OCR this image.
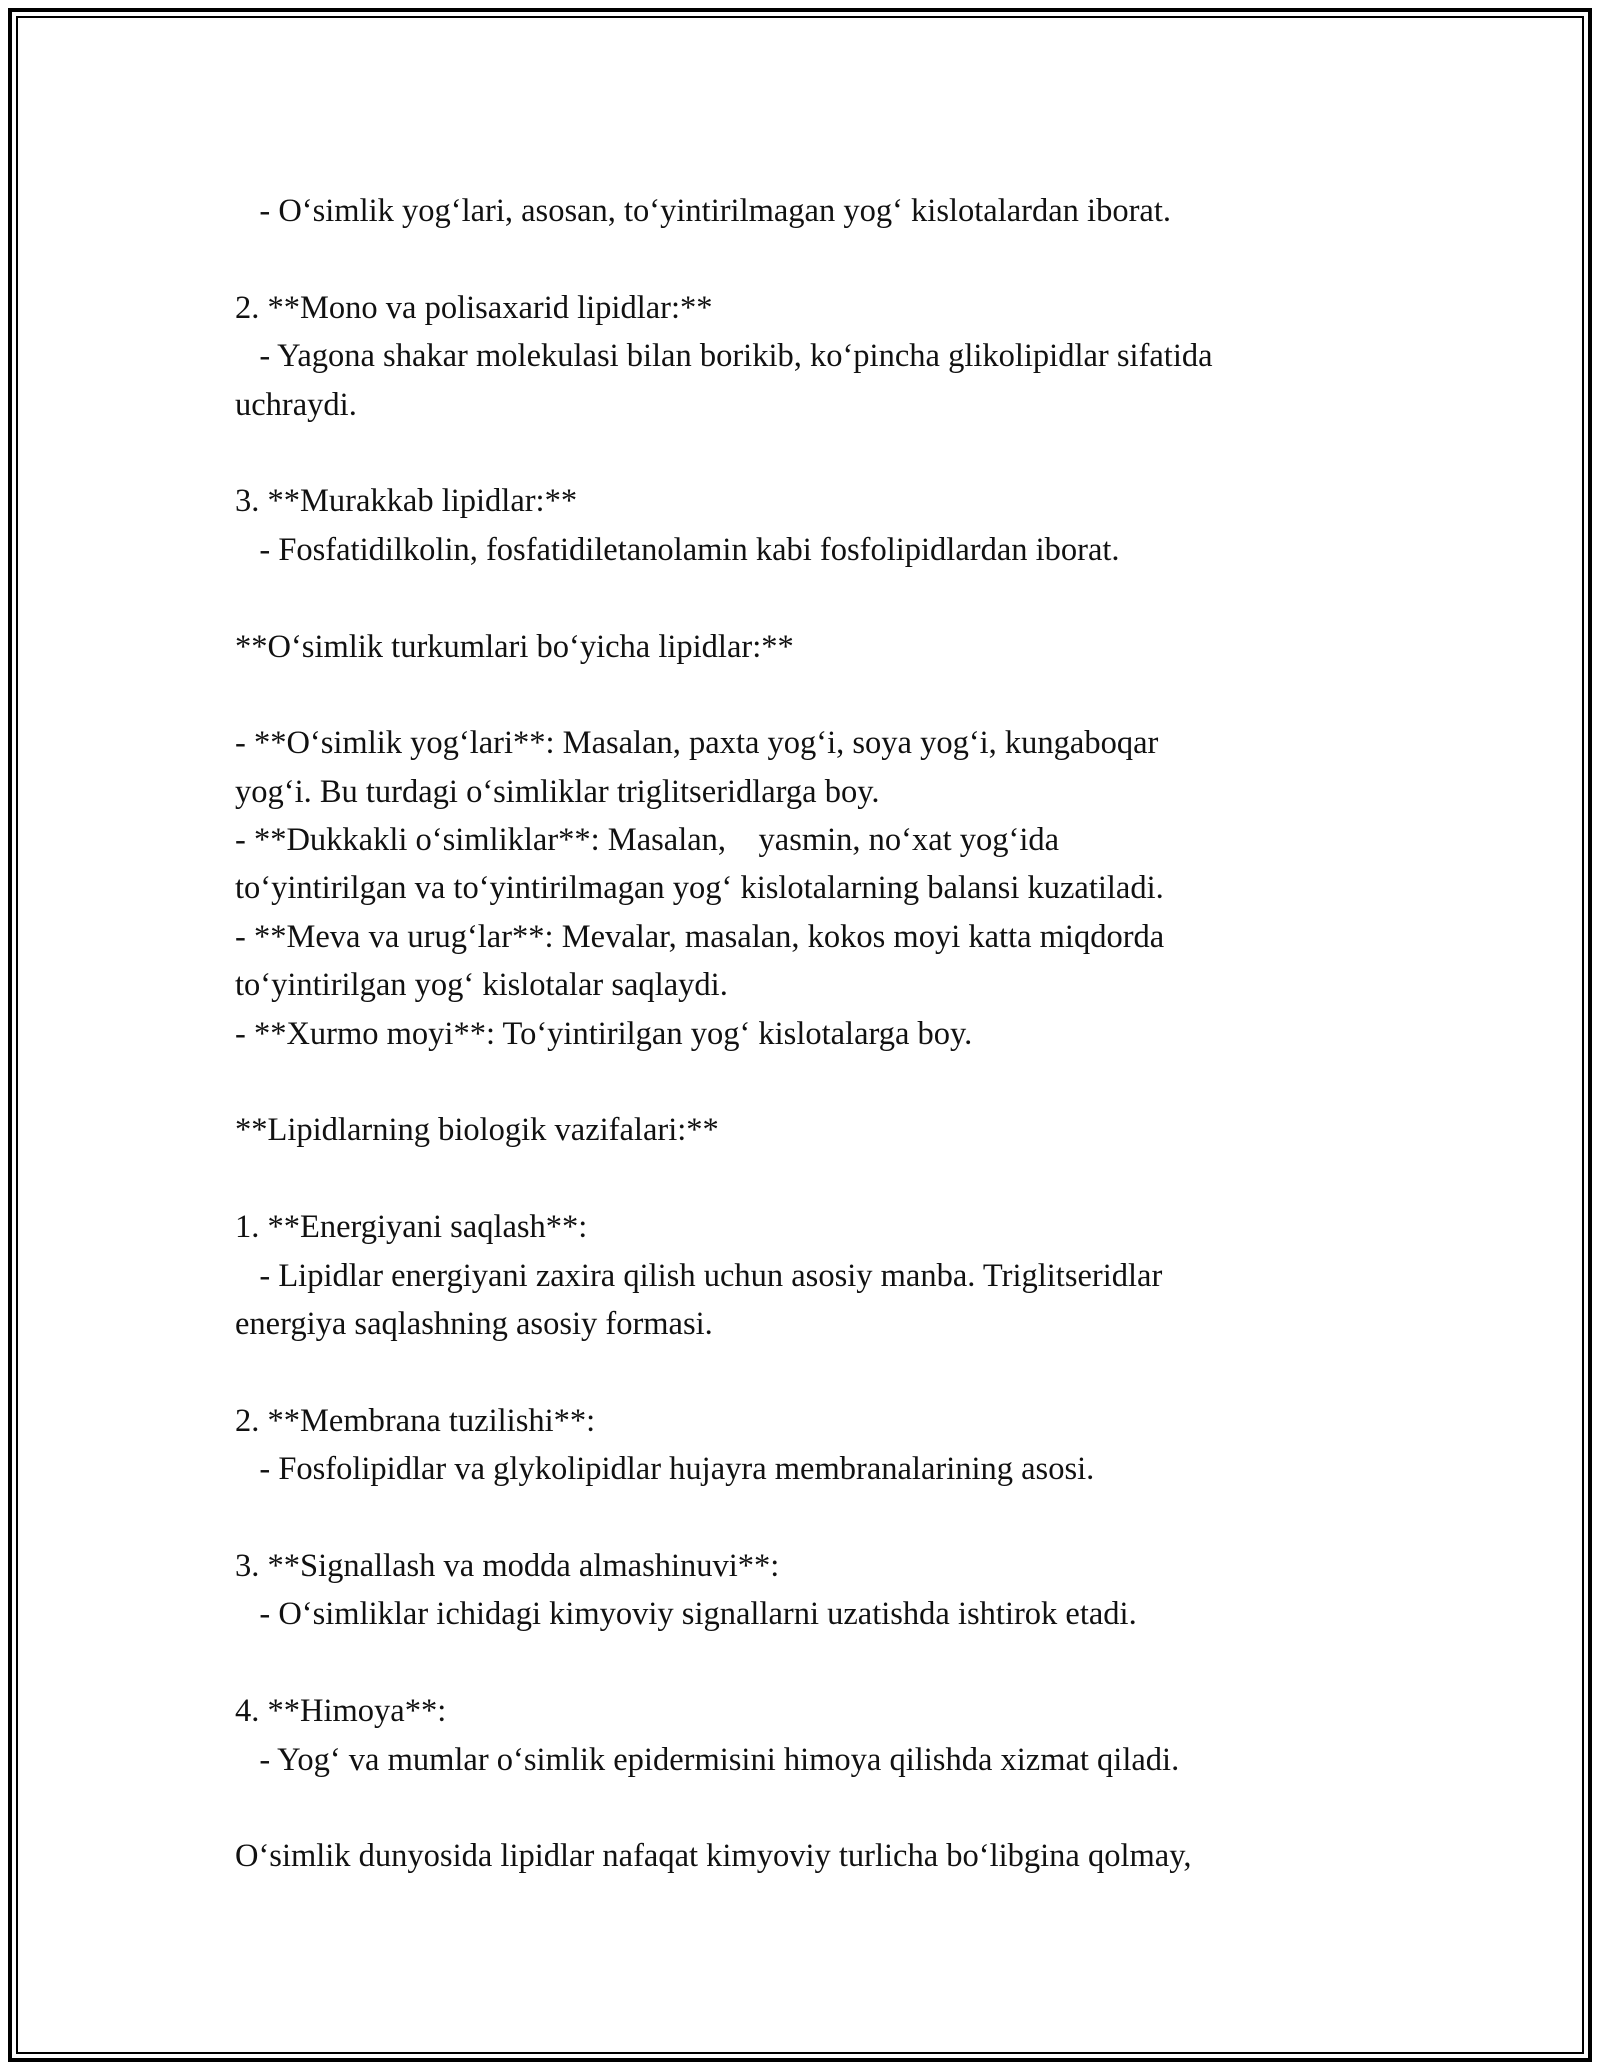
- O‘simlik yog‘lari, asosan, to‘yintirilmagan yog‘ kislotalardan iborat.
2. **Mono va polisaxarid lipidlar:**
- Yagona shakar molekulasi bilan borikib, ko‘pincha glikolipidlar sifatida
uchraydi.
3. **Murakkab lipidlar:**
- Fosfatidilkolin, fosfatidiletanolamin kabi fosfolipidlardan iborat.
**O‘simlik turkumlari bo‘yicha lipidlar:**
- **O‘simlik yog‘lari**: Masalan, paxta yog‘i, soya yog‘i, kungaboqar
yog‘i. Bu turdagi o‘simliklar triglitseridlarga boy.
- **Dukkakli o‘simliklar**: Masalan,    yasmin, no‘xat yog‘ida
to‘yintirilgan va to‘yintirilmagan yog‘ kislotalarning balansi kuzatiladi.
- **Meva va urug‘lar**: Mevalar, masalan, kokos moyi katta miqdorda
to‘yintirilgan yog‘ kislotalar saqlaydi.
- **Xurmo moyi**: To‘yintirilgan yog‘ kislotalarga boy.
**Lipidlarning biologik vazifalari:**
1. **Energiyani saqlash**:
- Lipidlar energiyani zaxira qilish uchun asosiy manba. Triglitseridlar
energiya saqlashning asosiy formasi.
2. **Membrana tuzilishi**:
- Fosfolipidlar va glykolipidlar hujayra membranalarining asosi.
3. **Signallash va modda almashinuvi**:
- O‘simliklar ichidagi kimyoviy signallarni uzatishda ishtirok etadi.
4. **Himoya**:
- Yog‘ va mumlar o‘simlik epidermisini himoya qilishda xizmat qiladi.
O‘simlik dunyosida lipidlar nafaqat kimyoviy turlicha bo‘libgina qolmay,
